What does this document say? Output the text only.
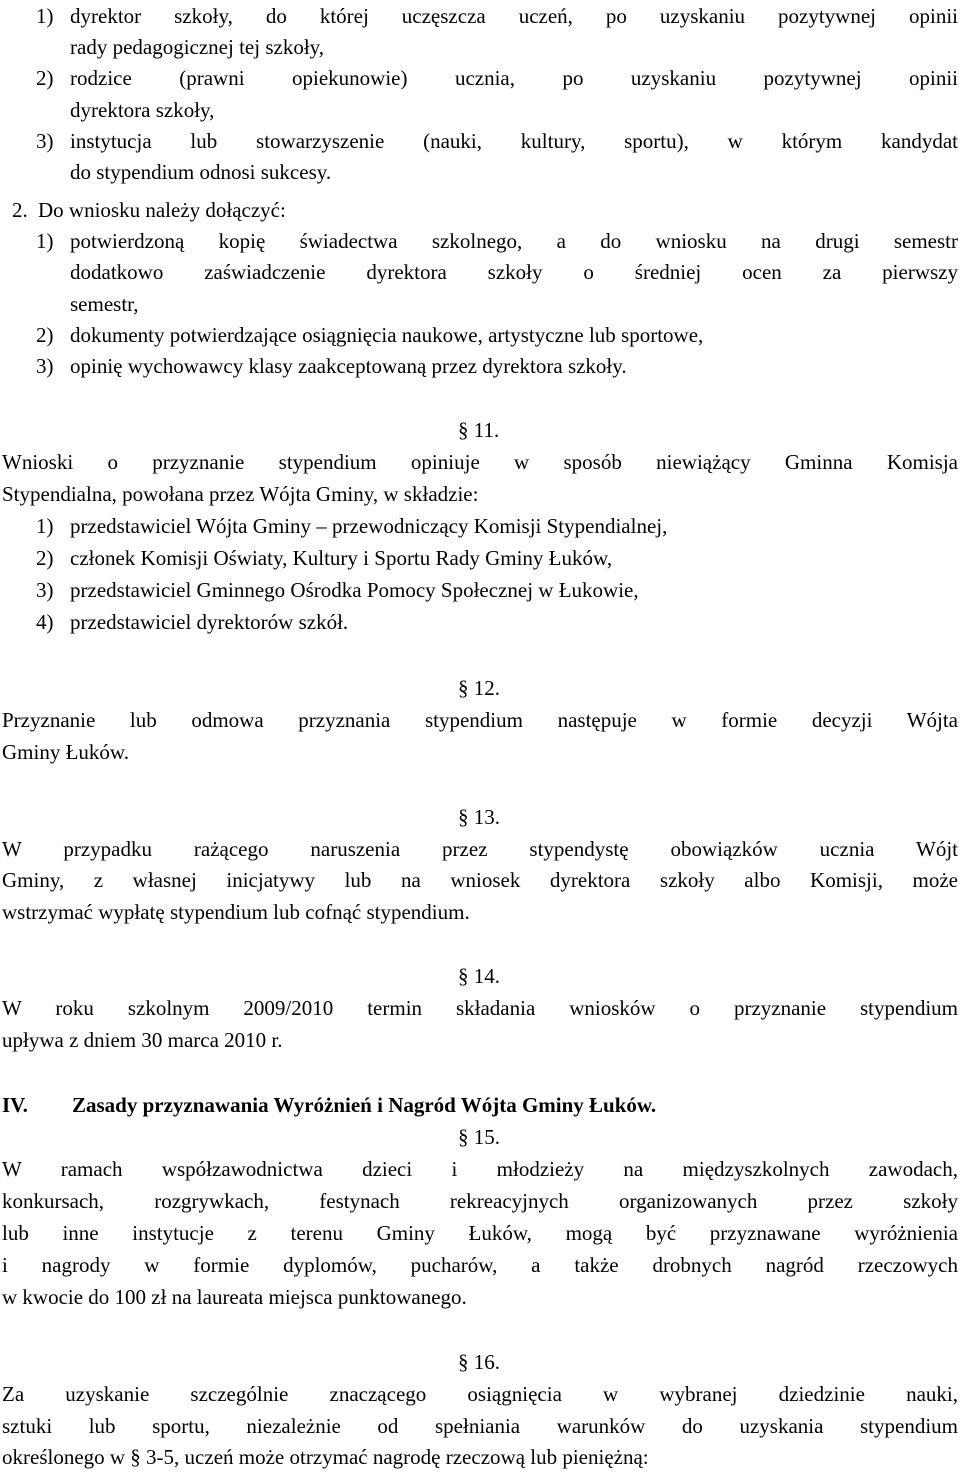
1) dyrektor szkoły, do której uczęszcza uczeń, po uzyskaniu pozytywnej opinii
rady pedagogicznej tej szkoły,
2) rodzice (prawni opiekunowie) ucznia, po uzyskaniu pozytywnej opinii
dyrektora szkoły,
3) instytucja lub stowarzyszenie (nauki, kultury, sportu), w którym kandydat
do stypendium odnosi sukcesy.
2. Do wniosku należy dołączyć:
1) potwierdzoną kopię świadectwa szkolnego, a do wniosku na drugi semestr
dodatkowo zaświadczenie dyrektora szkoły o średniej ocen za pierwszy
semestr,
2) dokumenty potwierdzające osiągnięcia naukowe, artystyczne lub sportowe,
3) opinię wychowawcy klasy zaakceptowaną przez dyrektora szkoły.
§ 11.
Wnioski o przyznanie stypendium opiniuje w sposób niewiążący Gminna Komisja
Stypendialna, powołana przez Wójta Gminy, w składzie:
1) przedstawiciel Wójta Gminy – przewodniczący Komisji Stypendialnej,
2) członek Komisji Oświaty, Kultury i Sportu Rady Gminy Łuków,
3) przedstawiciel Gminnego Ośrodka Pomocy Społecznej w Łukowie,
4) przedstawiciel dyrektorów szkół.
§ 12.
Przyznanie lub odmowa przyznania stypendium następuje w formie decyzji Wójta
Gminy Łuków.
§ 13.
W przypadku rażącego naruszenia przez stypendystę obowiązków ucznia Wójt
Gminy, z własnej inicjatywy lub na wniosek dyrektora szkoły albo Komisji, może
wstrzymać wypłatę stypendium lub cofnąć stypendium.
§ 14.
W roku szkolnym 2009/2010 termin składania wniosków o przyznanie stypendium
upływa z dniem 30 marca 2010 r.
IV. Zasady przyznawania Wyróżnień i Nagród Wójta Gminy Łuków.
§ 15.
W ramach współzawodnictwa dzieci i młodzieży na międzyszkolnych zawodach,
konkursach, rozgrywkach, festynach rekreacyjnych organizowanych przez szkoły
lub inne instytucje z terenu Gminy Łuków, mogą być przyznawane wyróżnienia
i nagrody w formie dyplomów, pucharów, a także drobnych nagród rzeczowych
w kwocie do 100 zł na laureata miejsca punktowanego.
§ 16.
Za uzyskanie szczególnie znaczącego osiągnięcia w wybranej dziedzinie nauki,
sztuki lub sportu, niezależnie od spełniania warunków do uzyskania stypendium
określonego w § 3-5, uczeń może otrzymać nagrodę rzeczową lub pieniężną:
